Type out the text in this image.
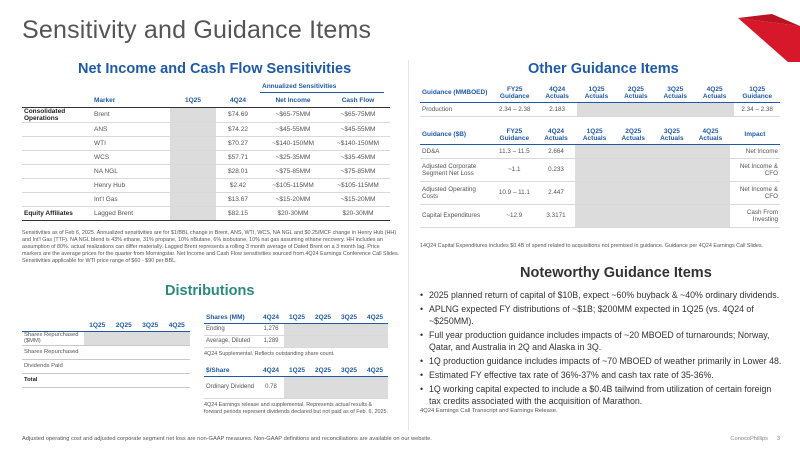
Sensitivity and Guidance Items
Net Income and Cash Flow Sensitivities
Annualized Sensitivities
	Marker	1Q25	4Q24	Net Income	Cash Flow
Consolidated Operations	Brent		$74.69	~$65-75MM	~$65-75MM
	ANS		$74.22	~$45-55MM	~$45-55MM
	WTI		$70.27	~$140-150MM	~$140-150MM
	WCS		$57.71	~$25-35MM	~$35-45MM
	NA NGL		$28.01	~$75-85MM	~$75-85MM
	Henry Hub		$2.42	~$105-115MM	~$105-115MM
	Int'l Gas		$13.67	~$15-20MM	~$15-20MM
Equity Affiliates	Lagged Brent		$82.15	$20-30MM	$20-30MM
Sensitivities as of Feb 6, 2025. Annualized sensitivities are for $1/BBL change in Brent, ANS, WTI, WCS, NA NGL and $0.25/MCF change in Henry Hub (HH) and Int'l Gas (TTF). NA NGL blend is 43% ethane, 31% propane, 10% nButane, 6% isobutane, 10% nat gas assuming ethane recovery. HH includes an assumption of 80%. actual realizations can differ materially. Lagged Brent represents a rolling 3 month average of Dated Brent on a 3 month lag. Price markers are the average prices for the quarter from Morningstar. Net Income and Cash Flow sensitivities sourced from 4Q24 Earnings Conference Call Slides. Sensitivities applicable for WTI price range of $60 - $90 per BBL.
Distributions
	1Q25	2Q25	3Q25	4Q25
Shares Repurchased ($MM)				
Shares Repurchased				
Dividends Paid				
Total				
Shares (MM)	4Q24	1Q25	2Q25	3Q25	4Q25
Ending	1,276				
Average, Diluted	1,289				
4Q24 Supplemental. Reflects outstanding share count.
$/Share	4Q24	1Q25	2Q25	3Q25	4Q25
Ordinary Dividend	0.78				
4Q24 Earnings release and supplemental. Represents actual results & forward periods represent dividends declared but not paid as of Feb. 6, 2025.
Other Guidance Items
Guidance (MMBOED)	FY25 Guidance	4Q24 Actuals	1Q25 Actuals	2Q25 Actuals	3Q25 Actuals	4Q25 Actuals	1Q25 Guidance
Production	2.34 – 2.38	2.183					2.34 – 2.38
Guidance ($B)	FY25 Guidance	4Q24 Actuals	1Q25 Actuals	2Q25 Actuals	3Q25 Actuals	4Q25 Actuals	Impact
DD&A	11.3 – 11.5	2.664					Net Income
Adjusted Corporate Segment Net Loss	~1.1	0.233					Net Income & CFO
Adjusted Operating Costs	10.9 – 11.1	2.447					Net Income & CFO
Capital Expenditures	~12.9	3.3171					Cash From Investing
14Q24 Capital Expenditures includes $0.4B of spend related to acquisitions not premised in guidance. Guidance per 4Q24 Earnings Call Slides.
Noteworthy Guidance Items
• 2025 planned return of capital of $10B, expect ~60% buyback & ~40% ordinary dividends.
• APLNG expected FY distributions of ~$1B; $200MM expected in 1Q25 (vs. 4Q24 of ~$250MM).
• Full year production guidance includes impacts of ~20 MBOED of turnarounds; Norway, Qatar, and Australia in 2Q and Alaska in 3Q.
• 1Q production guidance includes impacts of ~70 MBOED of weather primarily in Lower 48.
• Estimated FY effective tax rate of 36%-37% and cash tax rate of 35-36%.
• 1Q working capital expected to include a $0.4B tailwind from utilization of certain foreign tax credits associated with the acquisition of Marathon.
4Q24 Earnings Call Transcript and Earnings Release.
Adjusted operating cost and adjusted corporate segment net loss are non-GAAP measures. Non-GAAP definitions and reconciliations are available on our website.	ConocoPhillips 3
